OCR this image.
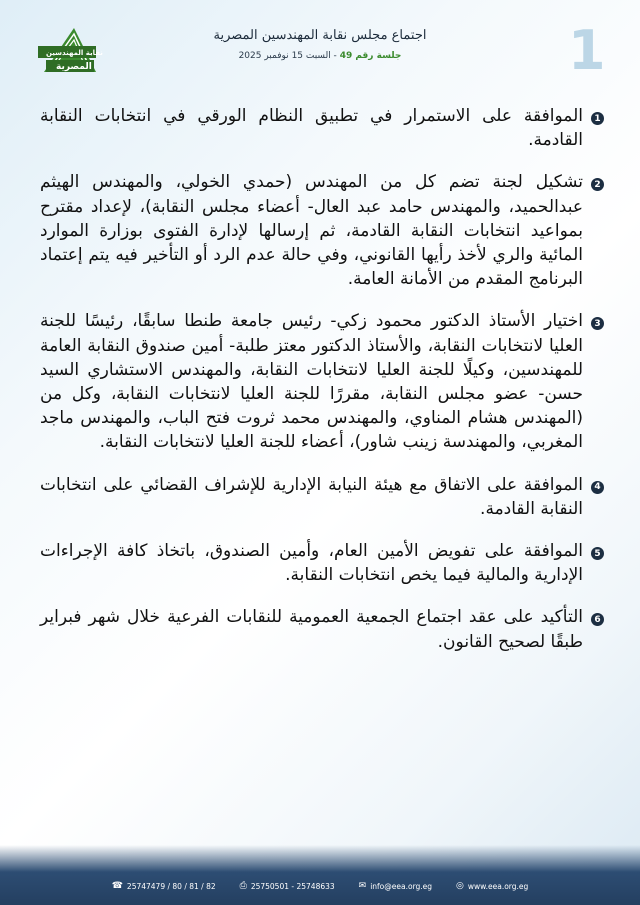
1
اجتماع مجلس نقابة المهندسين المصرية
جلسة رقم 49 - السبت 15 نوفمبر 2025
نقابة المهندسين
المصرية
1
الموافقة على الاستمرار في تطبيق النظام الورقي في انتخابات النقابة القادمة.
2
تشكيل لجنة تضم كل من المهندس (حمدي الخولي، والمهندس الهيثم عبدالحميد، والمهندس حامد عبد العال- أعضاء مجلس النقابة)، لإعداد مقترح بمواعيد انتخابات النقابة القادمة، ثم إرسالها لإدارة الفتوى بوزارة الموارد المائية والري لأخذ رأيها القانوني، وفي حالة عدم الرد أو التأخير فيه يتم إعتماد البرنامج المقدم من الأمانة العامة.
3
اختيار الأستاذ الدكتور محمود زكي- رئيس جامعة طنطا سابقًا، رئيسًا للجنة العليا لانتخابات النقابة، والأستاذ الدكتور معتز طلبة- أمين صندوق النقابة العامة للمهندسين، وكيلًا للجنة العليا لانتخابات النقابة، والمهندس الاستشاري السيد حسن- عضو مجلس النقابة، مقررًا للجنة العليا لانتخابات النقابة، وكل من (المهندس هشام المناوي، والمهندس محمد ثروت فتح الباب، والمهندس ماجد المغربي، والمهندسة زينب شاور)، أعضاء للجنة العليا لانتخابات النقابة.
4
الموافقة على الاتفاق مع هيئة النيابة الإدارية للإشراف القضائي على انتخابات النقابة القادمة.
5
الموافقة على تفويض الأمين العام، وأمين الصندوق، باتخاذ كافة الإجراءات الإدارية والمالية فيما يخص انتخابات النقابة.
6
التأكيد على عقد اجتماع الجمعية العمومية للنقابات الفرعية خلال شهر فبراير طبقًا لصحيح القانون.
☎ 25747479 / 80 / 81 / 82	⎙ 25750501 - 25748633	✉ info@eea.org.eg	◎ www.eea.org.eg
